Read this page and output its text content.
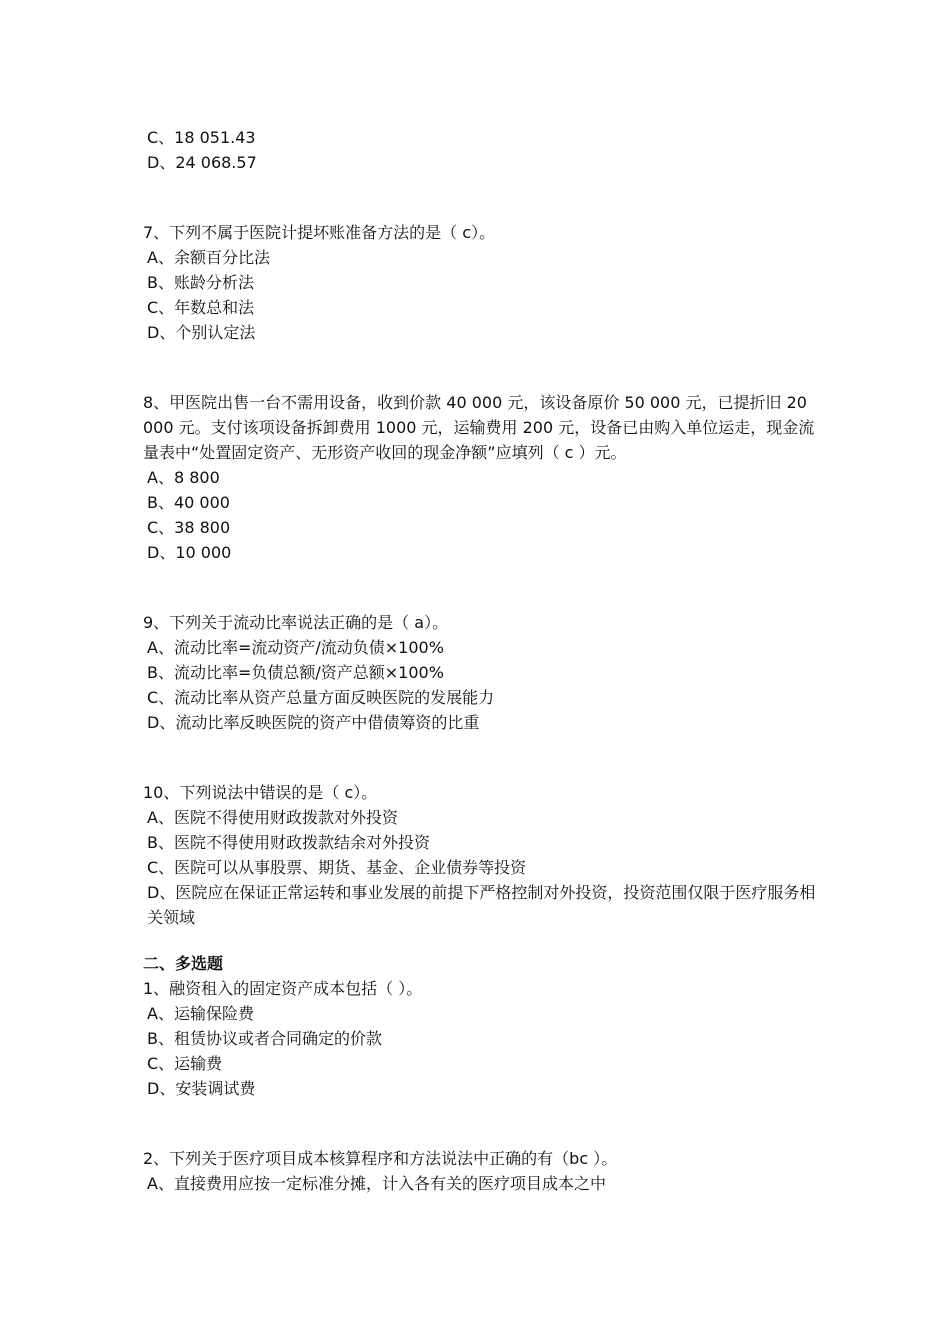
C、18 051.43
D、24 068.57
7、下列不属于医院计提坏账准备方法的是（ c）。
A、余额百分比法
B、账龄分析法
C、年数总和法
D、个别认定法
8、甲医院出售一台不需用设备，收到价款 40 000 元，该设备原价 50 000 元，已提折旧 20 000 元。支付该项设备拆卸费用 1000 元，运输费用 200 元，设备已由购入单位运走，现金流量表中“处置固定资产、无形资产收回的现金净额”应填列（ c ）元。
A、8 800
B、40 000
C、38 800
D、10 000
9、下列关于流动比率说法正确的是（ a）。
A、流动比率=流动资产/流动负债×100%
B、流动比率=负债总额/资产总额×100%
C、流动比率从资产总量方面反映医院的发展能力
D、流动比率反映医院的资产中借债筹资的比重
10、下列说法中错误的是（ c）。
A、医院不得使用财政拨款对外投资
B、医院不得使用财政拨款结余对外投资
C、医院可以从事股票、期货、基金、企业债券等投资
D、医院应在保证正常运转和事业发展的前提下严格控制对外投资，投资范围仅限于医疗服务相关领域
二、多选题
1、融资租入的固定资产成本包括（ ）。
A、运输保险费
B、租赁协议或者合同确定的价款
C、运输费
D、安装调试费
2、下列关于医疗项目成本核算程序和方法说法中正确的有（bc ）。
A、直接费用应按一定标准分摊，计入各有关的医疗项目成本之中
